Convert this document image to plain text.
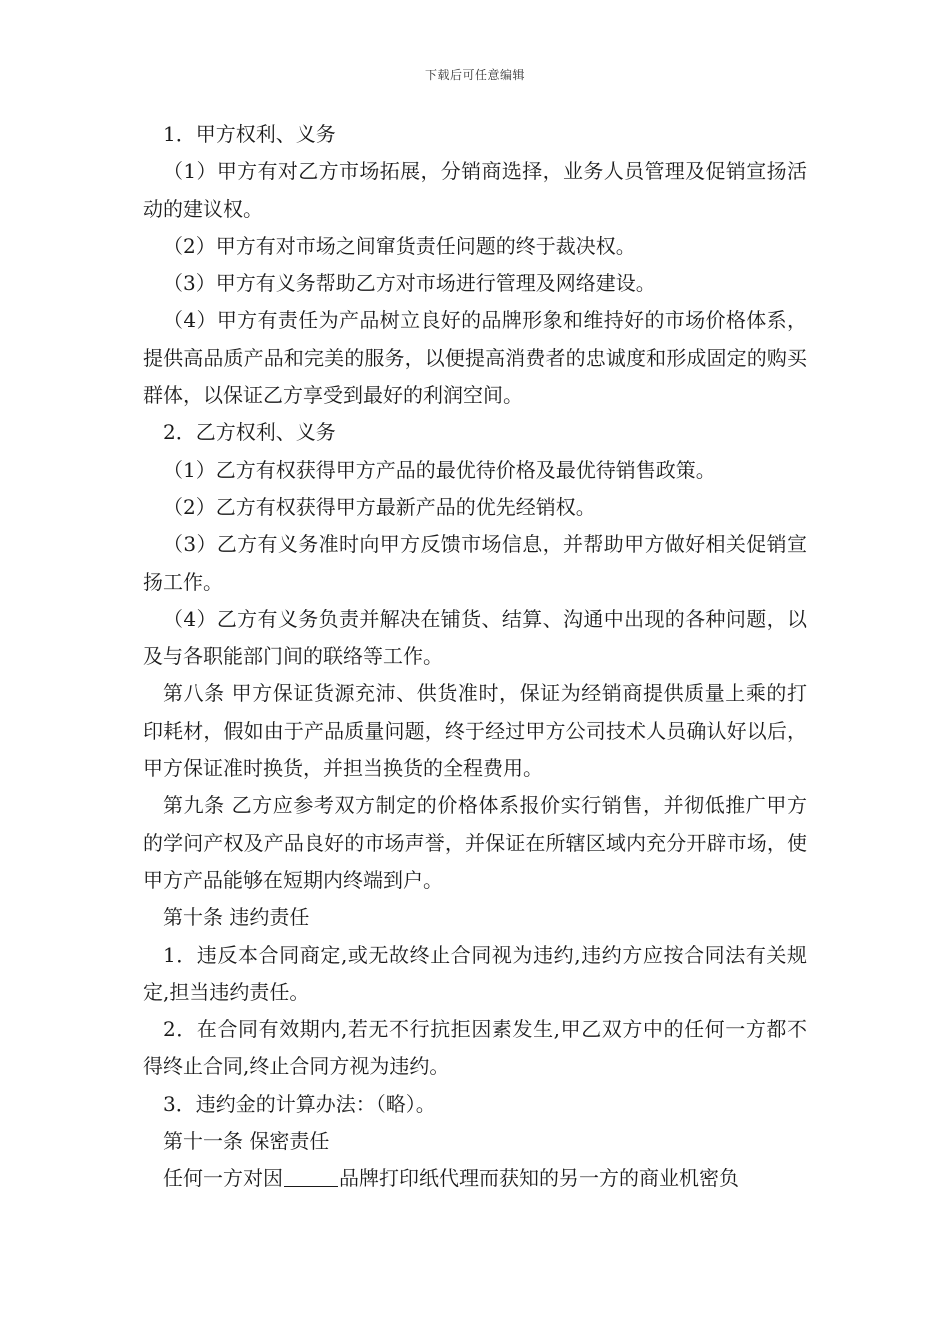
下载后可任意编辑

1．甲方权利、义务

（1）甲方有对乙方市场拓展，分销商选择，业务人员管理及促销宣扬活动的建议权。

（2）甲方有对市场之间窜货责任问题的终于裁决权。

（3）甲方有义务帮助乙方对市场进行管理及网络建设。

（4）甲方有责任为产品树立良好的品牌形象和维持好的市场价格体系，提供高品质产品和完美的服务，以便提高消费者的忠诚度和形成固定的购买群体，以保证乙方享受到最好的利润空间。

2．乙方权利、义务

（1）乙方有权获得甲方产品的最优待价格及最优待销售政策。

（2）乙方有权获得甲方最新产品的优先经销权。

（3）乙方有义务准时向甲方反馈市场信息，并帮助甲方做好相关促销宣扬工作。

（4）乙方有义务负责并解决在铺货、结算、沟通中出现的各种问题，以及与各职能部门间的联络等工作。

第八条 甲方保证货源充沛、供货准时，保证为经销商提供质量上乘的打印耗材，假如由于产品质量问题，终于经过甲方公司技术人员确认好以后，甲方保证准时换货，并担当换货的全程费用。

第九条 乙方应参考双方制定的价格体系报价实行销售，并彻低推广甲方的学问产权及产品良好的市场声誉，并保证在所辖区域内充分开辟市场，使甲方产品能够在短期内终端到户。

第十条 违约责任

1．违反本合同商定,或无故终止合同视为违约,违约方应按合同法有关规定,担当违约责任。

2．在合同有效期内,若无不行抗拒因素发生,甲乙双方中的任何一方都不得终止合同,终止合同方视为违约。

3．违约金的计算办法：（略）。

第十一条 保密责任

任何一方对因	品牌打印纸代理而获知的另一方的商业机密负
